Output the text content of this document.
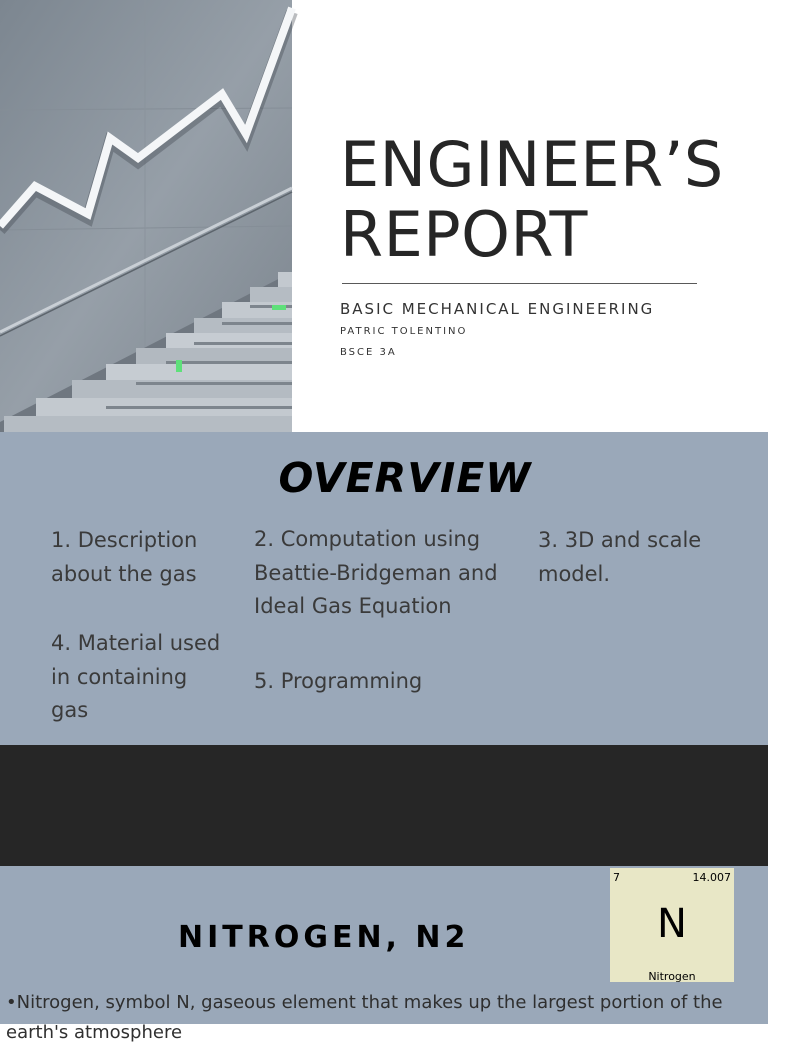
ENGINEER’S
REPORT
BASIC MECHANICAL ENGINEERING
PATRIC TOLENTINO
BSCE 3A
OVERVIEW
1. Description about the gas
2. Computation using Beattie-Bridgeman and Ideal Gas Equation
3. 3D and scale model.
4. Material used in containing gas
5. Programming
NITROGEN, N2
7	14.007
N
Nitrogen

•Nitrogen, symbol N, gaseous element that makes up the largest portion of the earth's atmosphere
